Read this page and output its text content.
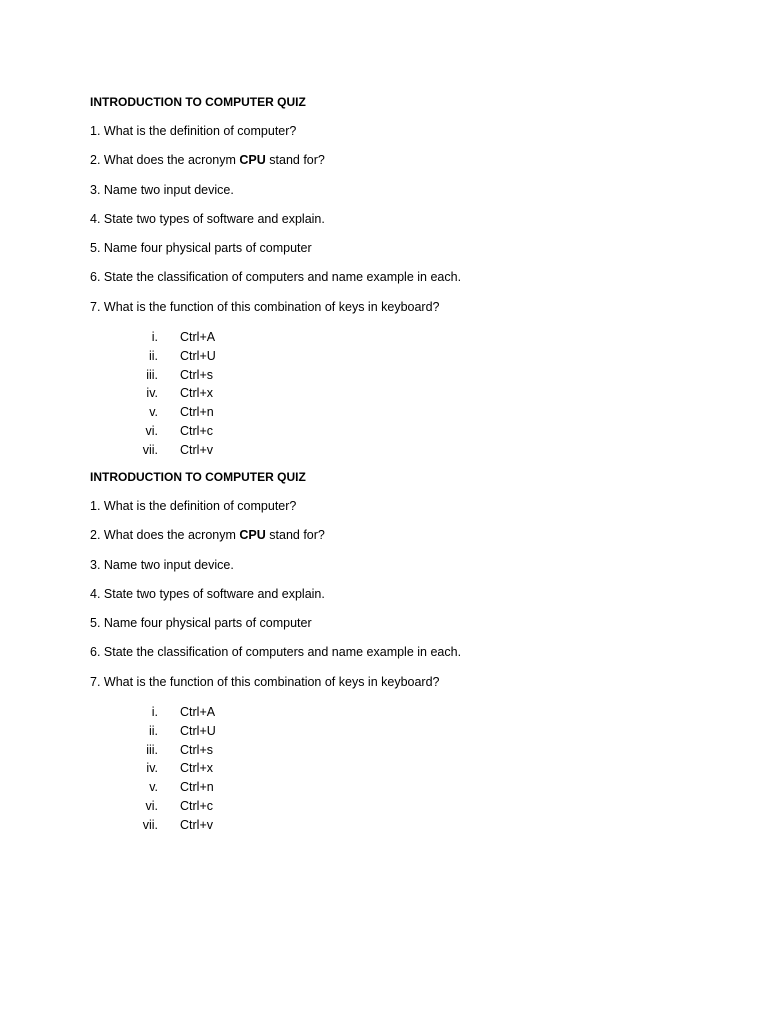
INTRODUCTION TO COMPUTER QUIZ
1. What is the definition of computer?
2. What does the acronym CPU stand for?
3. Name two input device.
4. State two types of software and explain.
5. Name four physical parts of computer
6. State the classification of computers and name example in each.
7. What is the function of this combination of keys in keyboard?
i. Ctrl+A
ii. Ctrl+U
iii. Ctrl+s
iv. Ctrl+x
v. Ctrl+n
vi. Ctrl+c
vii. Ctrl+v
INTRODUCTION TO COMPUTER QUIZ
1. What is the definition of computer?
2. What does the acronym CPU stand for?
3. Name two input device.
4. State two types of software and explain.
5. Name four physical parts of computer
6. State the classification of computers and name example in each.
7. What is the function of this combination of keys in keyboard?
i. Ctrl+A
ii. Ctrl+U
iii. Ctrl+s
iv. Ctrl+x
v. Ctrl+n
vi. Ctrl+c
vii. Ctrl+v
